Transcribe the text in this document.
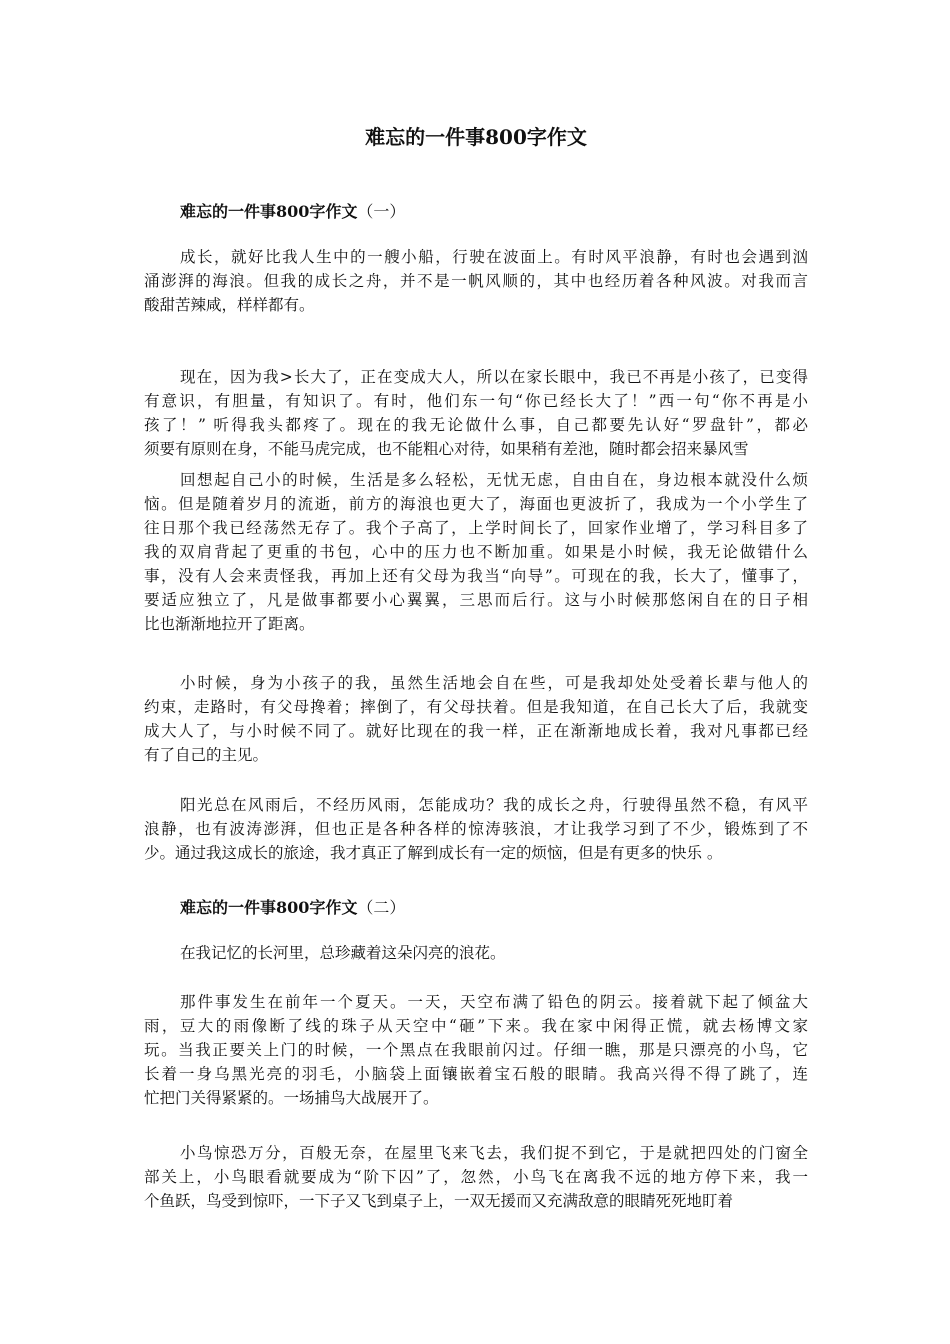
难忘的一件事800字作文
难忘的一件事800字作文（一）

成长，就好比我人生中的一艘小船，行驶在波面上。有时风平浪静，有时也会遇到汹
涌澎湃的海浪。但我的成长之舟，并不是一帆风顺的，其中也经历着各种风波。对我而言
酸甜苦辣咸，样样都有。

现在，因为我>长大了，正在变成大人，所以在家长眼中，我已不再是小孩了，已变得
有意识，有胆量，有知识了。有时，他们东一句“你已经长大了！”西一句“你不再是小
孩了！” 听得我头都疼了。现在的我无论做什么事，自己都要先认好“罗盘针”，都必
须要有原则在身，不能马虎完成，也不能粗心对待，如果稍有差池，随时都会招来暴风雪

回想起自己小的时候，生活是多么轻松，无忧无虑，自由自在，身边根本就没什么烦
恼。但是随着岁月的流逝，前方的海浪也更大了，海面也更波折了，我成为一个小学生了
往日那个我已经荡然无存了。我个子高了，上学时间长了，回家作业增了，学习科目多了
我的双肩背起了更重的书包，心中的压力也不断加重。如果是小时候，我无论做错什么
事，没有人会来责怪我，再加上还有父母为我当“向导”。可现在的我，长大了，懂事了，
要适应独立了，凡是做事都要小心翼翼，三思而后行。这与小时候那悠闲自在的日子相
比也渐渐地拉开了距离。

小时候，身为小孩子的我，虽然生活地会自在些，可是我却处处受着长辈与他人的
约束，走路时，有父母搀着；摔倒了，有父母扶着。但是我知道，在自己长大了后，我就变
成大人了，与小时候不同了。就好比现在的我一样，正在渐渐地成长着，我对凡事都已经
有了自己的主见。

阳光总在风雨后，不经历风雨，怎能成功？我的成长之舟，行驶得虽然不稳，有风平
浪静，也有波涛澎湃，但也正是各种各样的惊涛骇浪，才让我学习到了不少，锻炼到了不
少。通过我这成长的旅途，我才真正了解到成长有一定的烦恼，但是有更多的快乐 。

难忘的一件事800字作文（二）

在我记忆的长河里，总珍藏着这朵闪亮的浪花。

那件事发生在前年一个夏天。一天，天空布满了铅色的阴云。接着就下起了倾盆大
雨，豆大的雨像断了线的珠子从天空中“砸”下来。我在家中闲得正慌，就去杨博文家
玩。当我正要关上门的时候，一个黑点在我眼前闪过。仔细一瞧，那是只漂亮的小鸟，它
长着一身乌黑光亮的羽毛，小脑袋上面镶嵌着宝石般的眼睛。我高兴得不得了跳了，连
忙把门关得紧紧的。一场捕鸟大战展开了。

小鸟惊恐万分，百般无奈，在屋里飞来飞去，我们捉不到它，于是就把四处的门窗全
部关上，小鸟眼看就要成为“阶下囚”了，忽然，小鸟飞在离我不远的地方停下来，我一
个鱼跃，鸟受到惊吓，一下子又飞到桌子上，一双无援而又充满敌意的眼睛死死地盯着
